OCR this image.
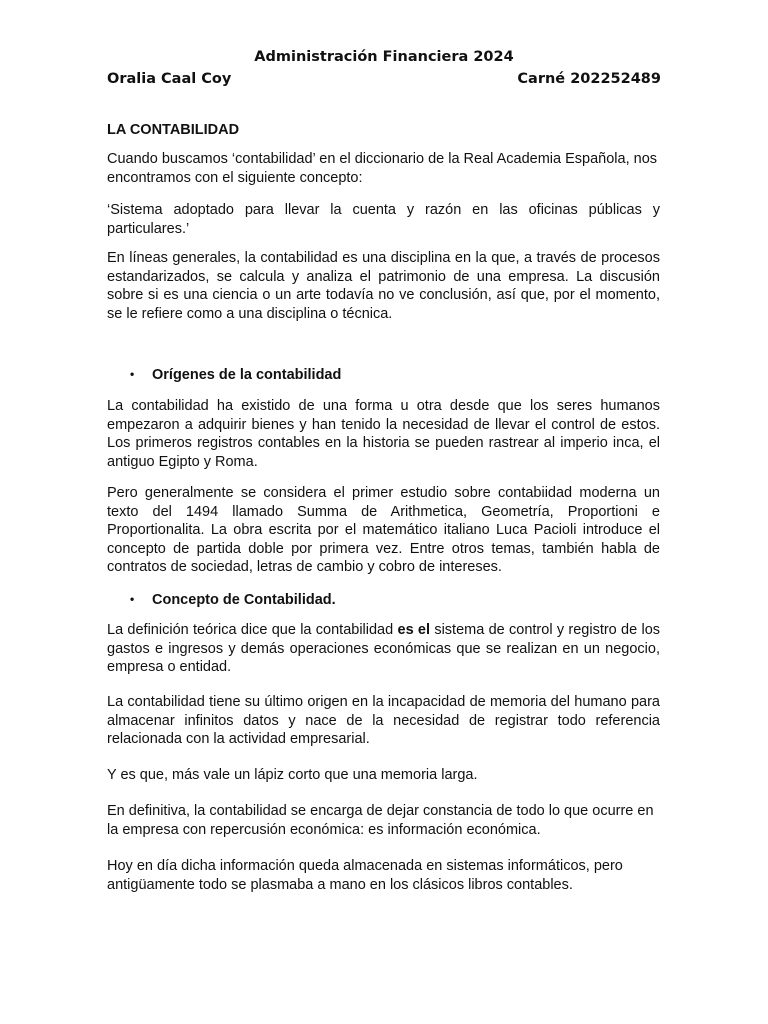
Administración Financiera 2024
Oralia Caal Coy	Carné 202252489
LA CONTABILIDAD

Cuando buscamos ‘contabilidad’ en el diccionario de la Real Academia Española, nos encontramos con el siguiente concepto:

‘Sistema adoptado para llevar la cuenta y razón en las oficinas públicas y particulares.’

En líneas generales, la contabilidad es una disciplina en la que, a través de procesos estandarizados, se calcula y analiza el patrimonio de una empresa. La discusión sobre si es una ciencia o un arte todavía no ve conclusión, así que, por el momento, se le refiere como a una disciplina o técnica.

• Orígenes de la contabilidad

La contabilidad ha existido de una forma u otra desde que los seres humanos empezaron a adquirir bienes y han tenido la necesidad de llevar el control de estos. Los primeros registros contables en la historia se pueden rastrear al imperio inca, el antiguo Egipto y Roma.

Pero generalmente se considera el primer estudio sobre contabiidad moderna un texto del 1494 llamado Summa de Arithmetica, Geometría, Proportioni e Proportionalita. La obra escrita por el matemático italiano Luca Pacioli introduce el concepto de partida doble por primera vez. Entre otros temas, también habla de contratos de sociedad, letras de cambio y cobro de intereses.

• Concepto de Contabilidad.

La definición teórica dice que la contabilidad es el sistema de control y registro de los gastos e ingresos y demás operaciones económicas que se realizan en un negocio, empresa o entidad.

La contabilidad tiene su último origen en la incapacidad de memoria del humano para almacenar infinitos datos y nace de la necesidad de registrar todo referencia relacionada con la actividad empresarial.

Y es que, más vale un lápiz corto que una memoria larga.

En definitiva, la contabilidad se encarga de dejar constancia de todo lo que ocurre en la empresa con repercusión económica: es información económica.

Hoy en día dicha información queda almacenada en sistemas informáticos, pero antigüamente todo se plasmaba a mano en los clásicos libros contables.
